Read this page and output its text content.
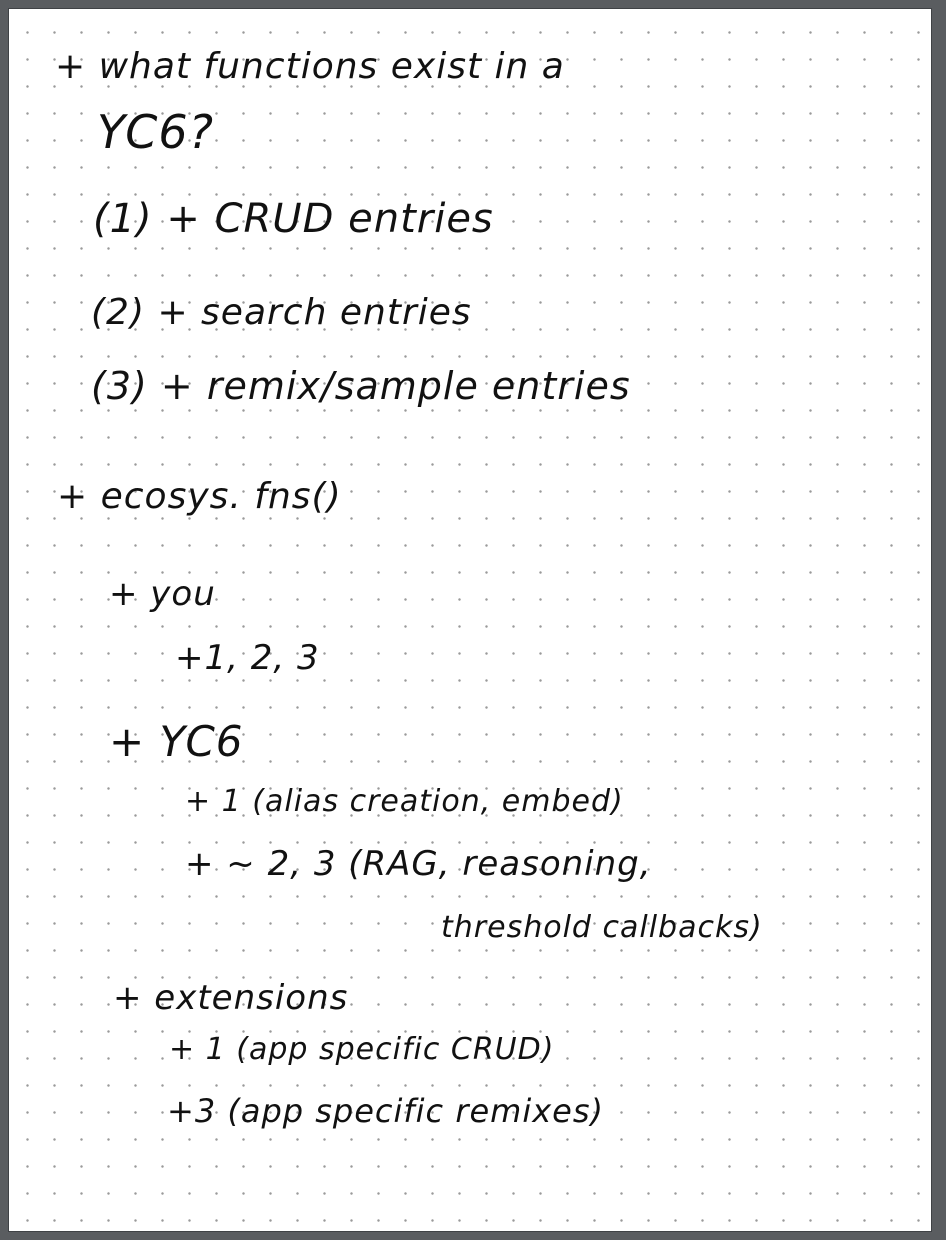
+ what functions exist in a
YC6?
(1) + CRUD entries
(2) + search entries
(3) + remix/sample entries
+ ecosys. fns()
+ you
+1, 2, 3
+ YC6
+ 1 (alias creation, embed)
+ ~ 2, 3 (RAG, reasoning,
threshold callbacks)
+ extensions
+ 1 (app specific CRUD)
+3 (app specific remixes)
